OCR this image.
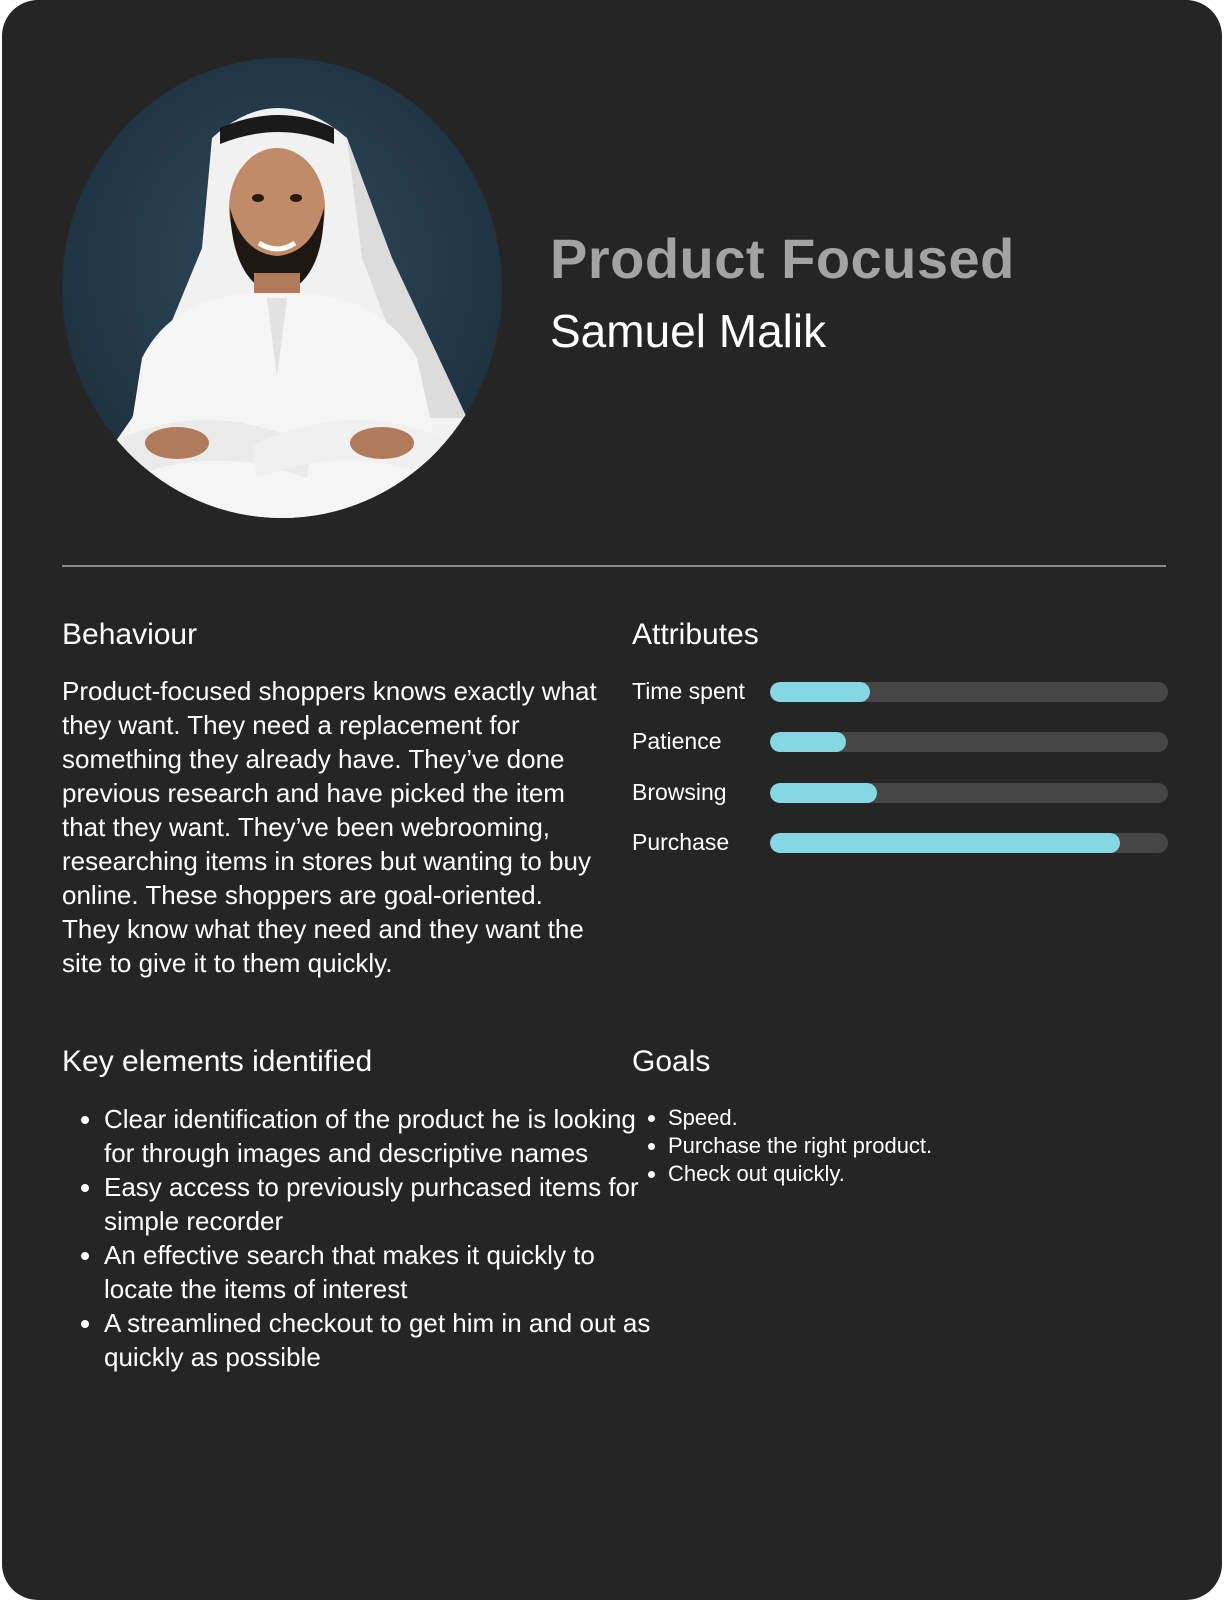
Product Focused
Samuel Malik
Behaviour

Product-focused shoppers knows exactly what they want. They need a replacement for something they already have. They’ve done previous research and have picked the item that they want. They’ve been webrooming, researching items in stores but wanting to buy online. These shoppers are goal-oriented. They know what they need and they want the site to give it to them quickly.

Attributes
Time spent
Patience
Browsing
Purchase
Key elements identified
• Clear identification of the product he is looking for through images and descriptive names
• Easy access to previously purhcased items for simple recorder
• An effective search that makes it quickly to locate the items of interest
• A streamlined checkout to get him in and out as quickly as possible
Goals
• Speed.
• Purchase the right product.
• Check out quickly.
